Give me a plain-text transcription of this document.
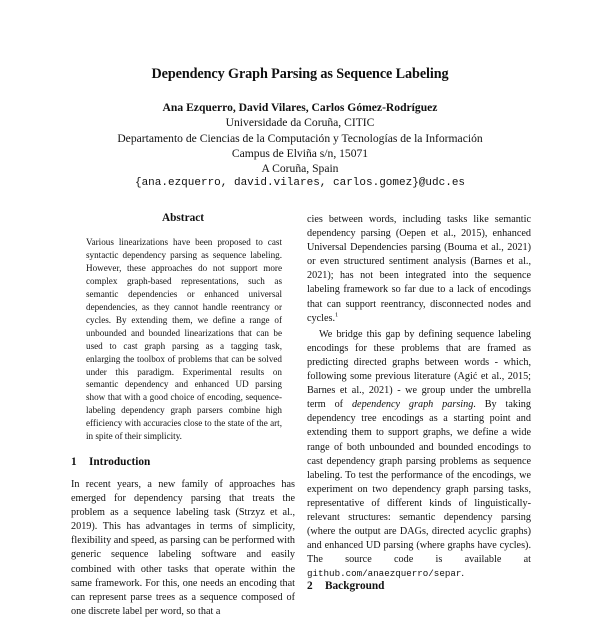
Dependency Graph Parsing as Sequence Labeling
Ana Ezquerro, David Vilares, Carlos Gómez-Rodríguez
Universidade da Coruña, CITIC
Departamento de Ciencias de la Computación y Tecnologías de la Información
Campus de Elviña s/n, 15071
A Coruña, Spain
{ana.ezquerro, david.vilares, carlos.gomez}@udc.es
Abstract

Various linearizations have been proposed to cast syntactic dependency parsing as sequence labeling. However, these approaches do not support more complex graph-based representations, such as semantic dependencies or enhanced universal dependencies, as they cannot handle reentrancy or cycles. By extending them, we define a range of unbounded and bounded linearizations that can be used to cast graph parsing as a tagging task, enlarging the toolbox of problems that can be solved under this paradigm. Experimental results on semantic dependency and enhanced UD parsing show that with a good choice of encoding, sequence-labeling dependency graph parsers combine high efficiency with accuracies close to the state of the art, in spite of their simplicity.

1 Introduction

In recent years, a new family of approaches has emerged for dependency parsing that treats the problem as a sequence labeling task (Strzyz et al., 2019). This has advantages in terms of simplicity, flexibility and speed, as parsing can be performed with generic sequence labeling software and easily combined with other tasks that operate within the same framework. For this, one needs an encoding that can represent parse trees as a sequence composed of one discrete label per word, so that a

cies between words, including tasks like semantic dependency parsing (Oepen et al., 2015), enhanced Universal Dependencies parsing (Bouma et al., 2021) or even structured sentiment analysis (Barnes et al., 2021); has not been integrated into the sequence labeling framework so far due to a lack of encodings that can support reentrancy, disconnected nodes and cycles.$^1$

We bridge this gap by defining sequence labeling encodings for these problems that are framed as predicting directed graphs between words - which, following some previous literature (Agić et al., 2015; Barnes et al., 2021) - we group under the umbrella term of dependency graph parsing. By taking dependency tree encodings as a starting point and extending them to support graphs, we define a wide range of both unbounded and bounded encodings to cast dependency graph parsing problems as sequence labeling. To test the performance of the encodings, we experiment on two dependency graph parsing tasks, representative of different kinds of linguistically-relevant structures: semantic dependency parsing (where the output are DAGs, directed acyclic graphs) and enhanced UD parsing (where graphs have cycles). The source code is available at github.com/anaezquerro/separ.

2 Background
